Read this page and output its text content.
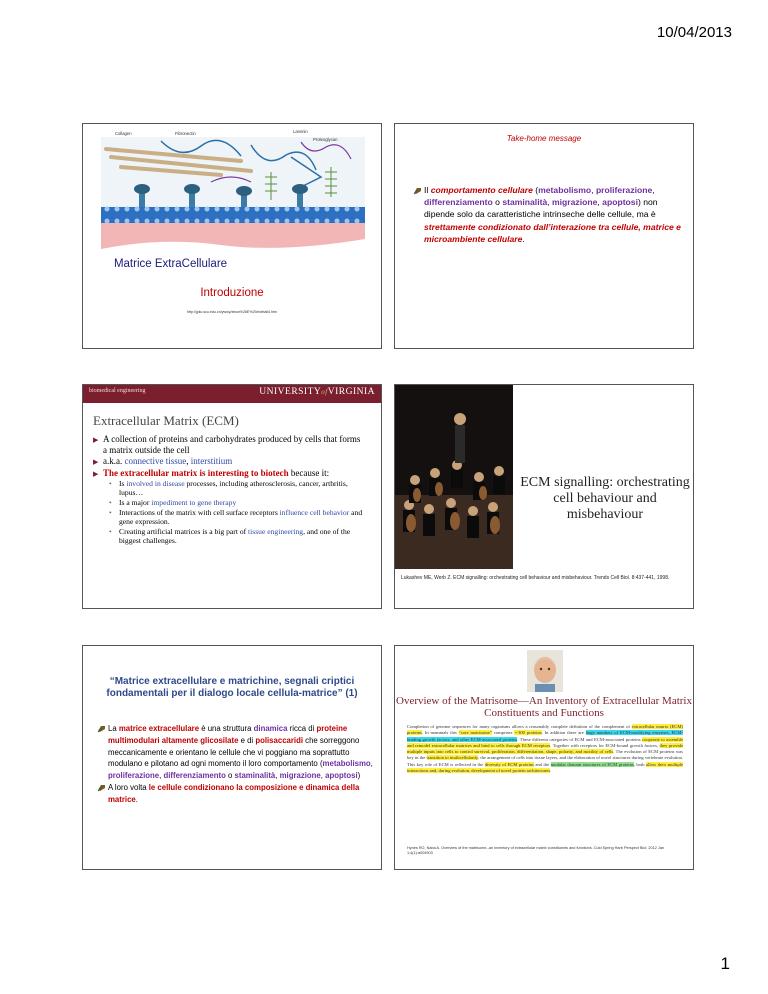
10/04/2013
Collagen	Fibronectin	Laminin
Proteoglycan
Matrice ExtraCellulare
Introduzione
http://jpkc.scu.edu.cn/ywwy/zbsw%28E%29/edetail4.htm
Take-home message
Il comportamento cellulare (metabolismo, proliferazione, differenziamento o staminalità, migrazione, apoptosi) non dipende solo da caratteristiche intrinseche delle cellule, ma è strettamente condizionato dall’interazione tra cellule, matrice e microambiente cellulare.
biomedical engineering	UNIVERSITYofVIRGINIA
Extracellular Matrix (ECM)
▶ A collection of proteins and carbohydrates produced by cells that forms a matrix outside the cell
▶ a.k.a. connective tissue, interstitium
▶ The extracellular matrix is interesting to biotech because it:
• Is involved in disease processes, including atherosclerosis, cancer, arthritis, lupus…
• Is a major impediment to gene therapy
• Interactions of the matrix with cell surface receptors influence cell behavior and gene expression.
• Creating artificial matrices is a big part of tissue engineering, and one of the biggest challenges.
ECM signalling: orchestrating cell behaviour and misbehaviour
Lukashev ME, Werb Z. ECM signalling: orchestrating cell behaviour and misbehaviour. Trends Cell Biol. 8:437-441, 1998.
“Matrice extracellulare e matrichine, segnali criptici fondamentali per il dialogo locale cellula-matrice” (1)
La matrice extracellulare è una struttura dinamica ricca di proteine multimodulari altamente glicosilate e di polisaccaridi che sorreggono meccanicamente e orientano le cellule che vi poggiano ma soprattutto modulano e pilotano ad ogni momento il loro comportamento (metabolismo, proliferazione, differenziamento o staminalità, migrazione, apoptosi)
A loro volta le cellule condizionano la composizione e dinamica della matrice.
Overview of the Matrisome—An Inventory of Extracellular Matrix Constituents and Functions
Completion of genome sequences for many organisms allows a reasonably complete definition of the complement of extracellular matrix (ECM) proteins. In mammals this “core matrisome” comprises ∼300 proteins. In addition there are large numbers of ECM-modifying enzymes, ECM-binding growth factors, and other ECM-associated proteins. These different categories of ECM and ECM-associated proteins cooperate to assemble and remodel extracellular matrices and bind to cells through ECM receptors. Together with receptors for ECM-bound growth factors, they provide multiple inputs into cells to control survival, proliferation, differentiation, shape, polarity, and motility of cells. The evolution of ECM proteins was key in the transition to multicellularity, the arrangement of cells into tissue layers, and the elaboration of novel structures during vertebrate evolution. This key role of ECM is reflected in the diversity of ECM proteins and the modular domain structures of ECM proteins, both allow their multiple interactions and, during evolution, development of novel protein architectures.
Hynes RO, Naba A. Overview of the matrisome--an inventory of extracellular matrix constituents and functions. Cold Spring Harb Perspect Biol. 2012 Jan 1;4(1):a004903
1
